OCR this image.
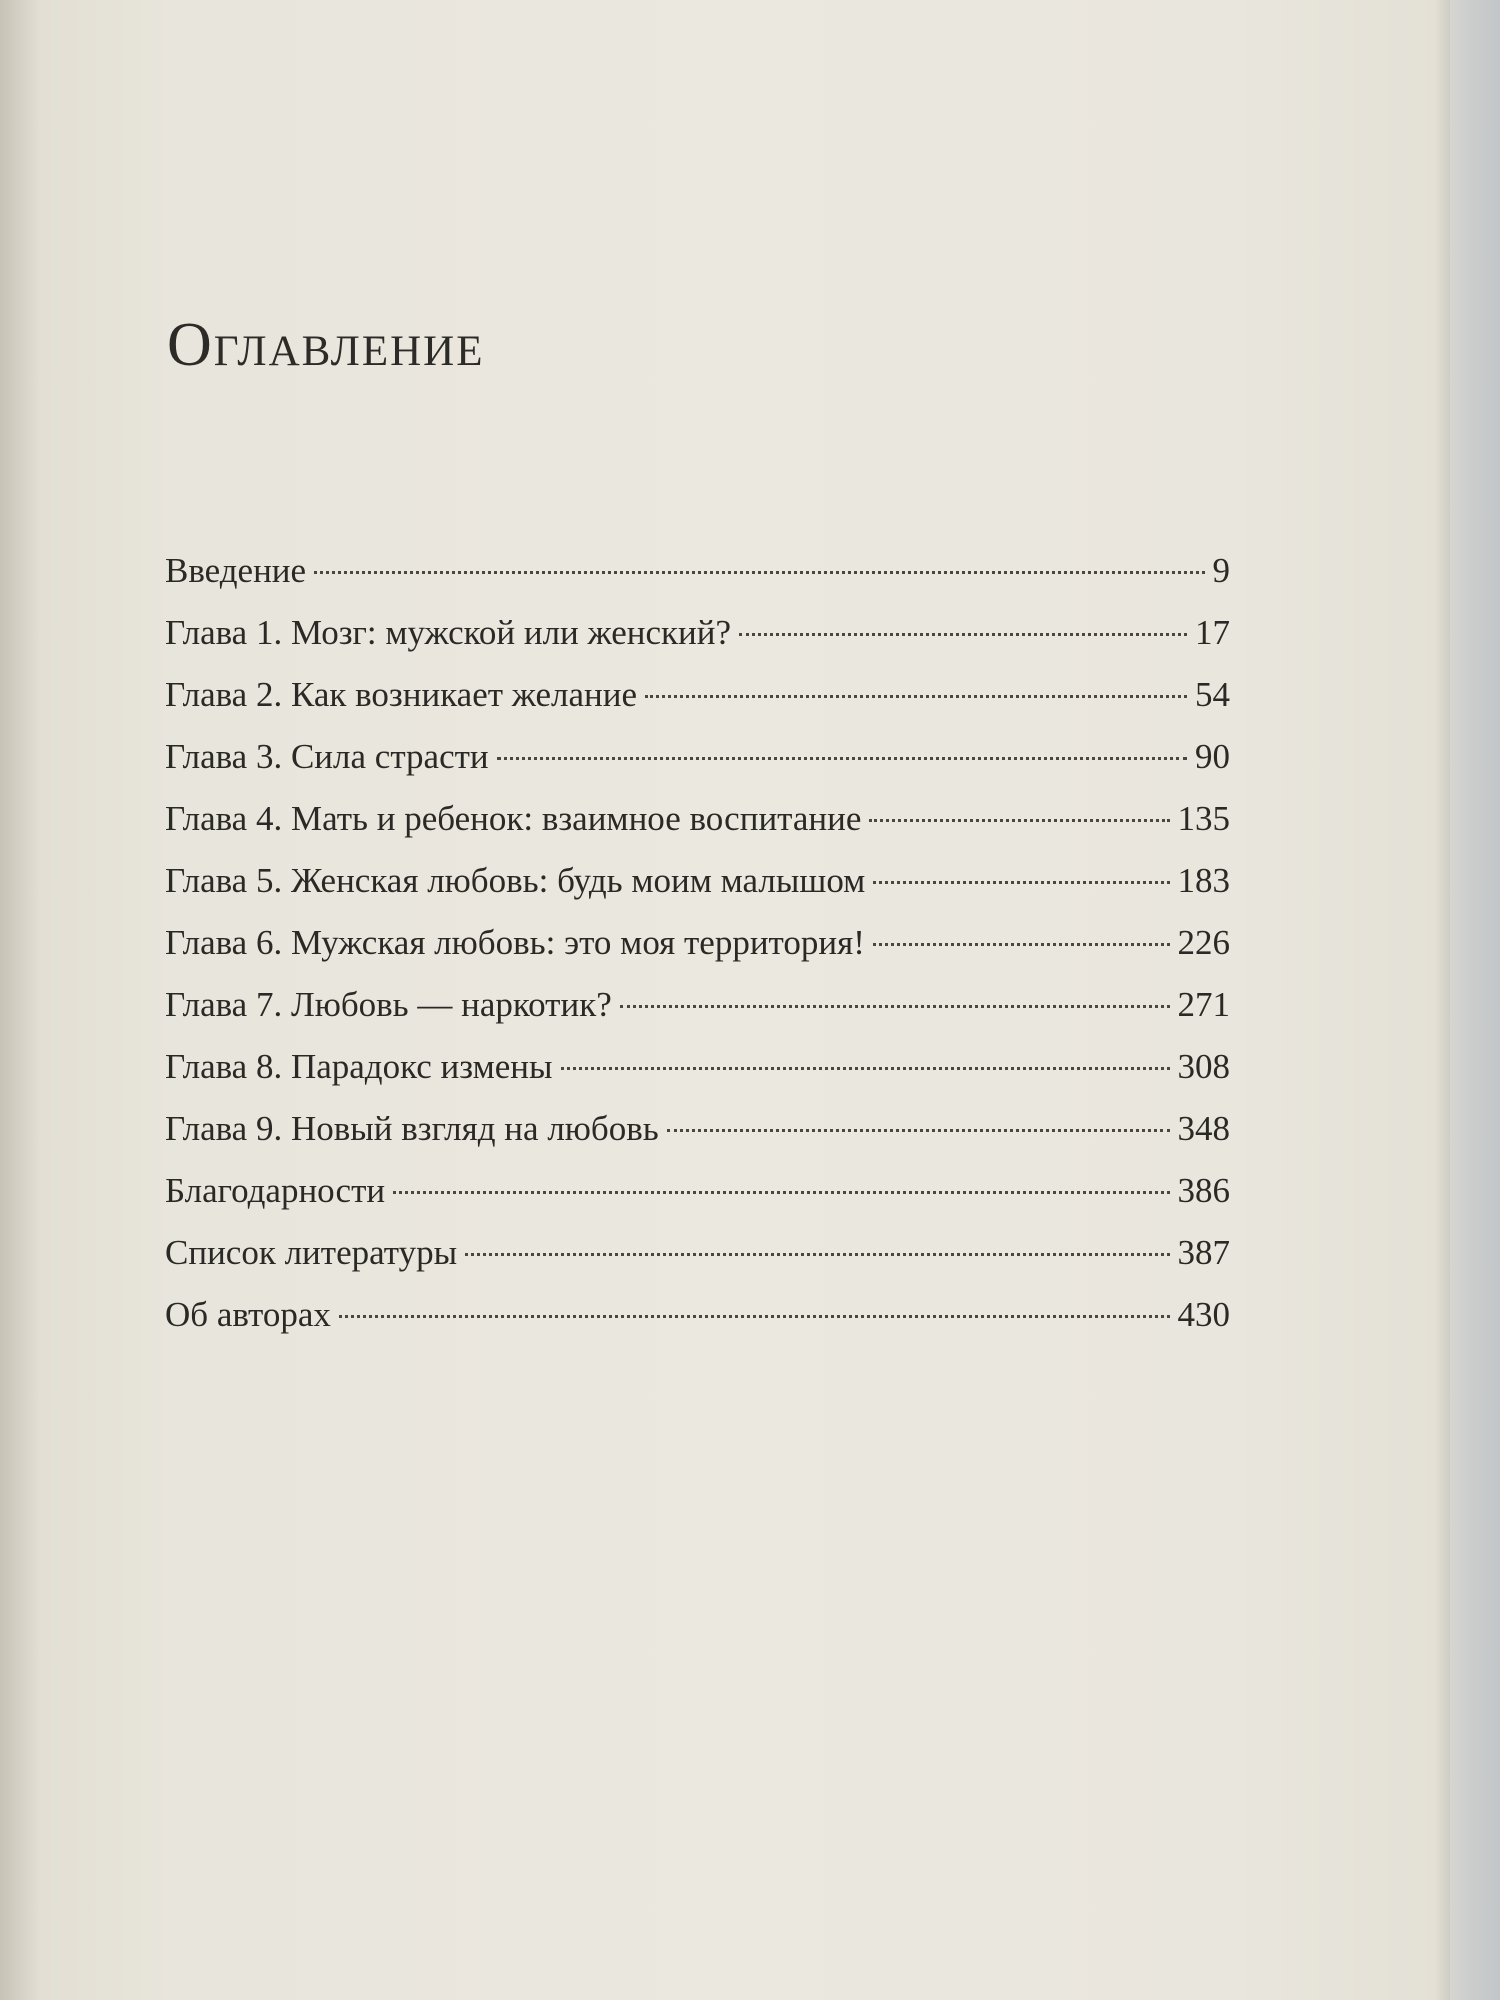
Оглавление
Введение	9
Глава 1. Мозг: мужской или женский?	17
Глава 2. Как возникает желание	54
Глава 3. Сила страсти	90
Глава 4. Мать и ребенок: взаимное воспитание	135
Глава 5. Женская любовь: будь моим малышом	183
Глава 6. Мужская любовь: это моя территория!	226
Глава 7. Любовь — наркотик?	271
Глава 8. Парадокс измены	308
Глава 9. Новый взгляд на любовь	348
Благодарности	386
Список литературы	387
Об авторах	430
